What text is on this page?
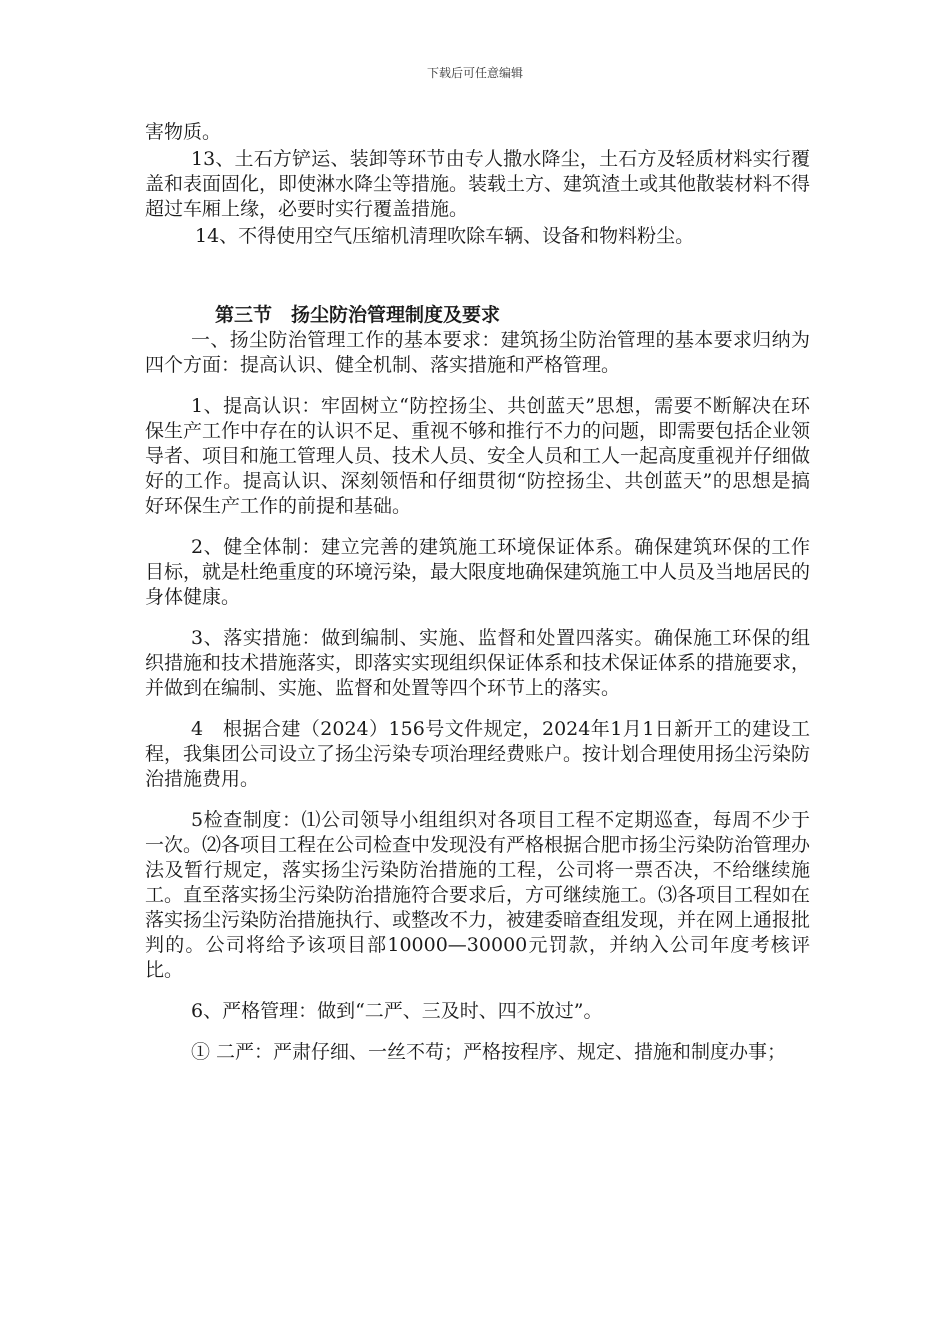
下载后可任意编辑

害物质。

13、土石方铲运、装卸等环节由专人撒水降尘，土石方及轻质材料实行覆盖和表面固化，即使淋水降尘等措施。装载土方、建筑渣土或其他散装材料不得超过车厢上缘，必要时实行覆盖措施。

14、不得使用空气压缩机清理吹除车辆、设备和物料粉尘。

第三节　扬尘防治管理制度及要求

一、扬尘防治管理工作的基本要求：建筑扬尘防治管理的基本要求归纳为四个方面：提高认识、健全机制、落实措施和严格管理。

1、提高认识：牢固树立“防控扬尘、共创蓝天”思想，需要不断解决在环保生产工作中存在的认识不足、重视不够和推行不力的问题，即需要包括企业领导者、项目和施工管理人员、技术人员、安全人员和工人一起高度重视并仔细做好的工作。提高认识、深刻领悟和仔细贯彻“防控扬尘、共创蓝天”的思想是搞好环保生产工作的前提和基础。

2、健全体制：建立完善的建筑施工环境保证体系。确保建筑环保的工作目标，就是杜绝重度的环境污染，最大限度地确保建筑施工中人员及当地居民的身体健康。

3、落实措施：做到编制、实施、监督和处置四落实。确保施工环保的组织措施和技术措施落实，即落实实现组织保证体系和技术保证体系的措施要求，并做到在编制、实施、监督和处置等四个环节上的落实。

4　根据合建（2024）156号文件规定，2024年1月1日新开工的建设工程，我集团公司设立了扬尘污染专项治理经费账户。按计划合理使用扬尘污染防治措施费用。

5检查制度：⑴公司领导小组组织对各项目工程不定期巡查，每周不少于一次。⑵各项目工程在公司检查中发现没有严格根据合肥市扬尘污染防治管理办法及暂行规定，落实扬尘污染防治措施的工程，公司将一票否决，不给继续施工。直至落实扬尘污染防治措施符合要求后，方可继续施工。⑶各项目工程如在落实扬尘污染防治措施执行、或整改不力，被建委暗查组发现，并在网上通报批判的。公司将给予该项目部10000—30000元罚款，并纳入公司年度考核评比。

6、严格管理：做到“二严、三及时、四不放过”。

① 二严：严肃仔细、一丝不苟；严格按程序、规定、措施和制度办事；
